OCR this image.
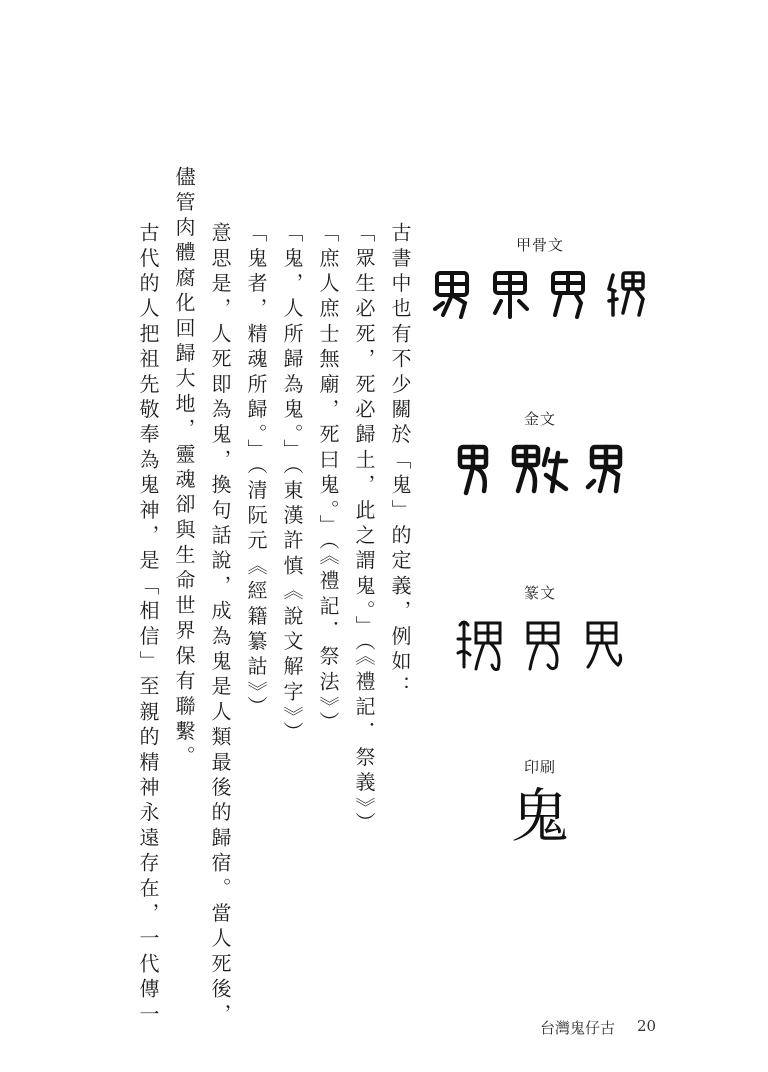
古書中也有不少關於「鬼」的定義，例如：
「眾生必死，死必歸土，此之謂鬼。」（《禮記．祭義》）
「庶人庶士無廟，死曰鬼。」（《禮記．祭法》）
「鬼，人所歸為鬼。」（東漢許慎《說文解字》）
「鬼者，精魂所歸。」（清阮元《經籍纂詁》）
意思是，人死即為鬼，換句話說，成為鬼是人類最後的歸宿。當人死後，
儘管肉體腐化回歸大地，靈魂卻與生命世界保有聯繫。
古代的人把祖先敬奉為鬼神，是「相信」至親的精神永遠存在，一代傳一	甲骨文
金文
篆文
印刷
鬼
台灣鬼仔古 20
